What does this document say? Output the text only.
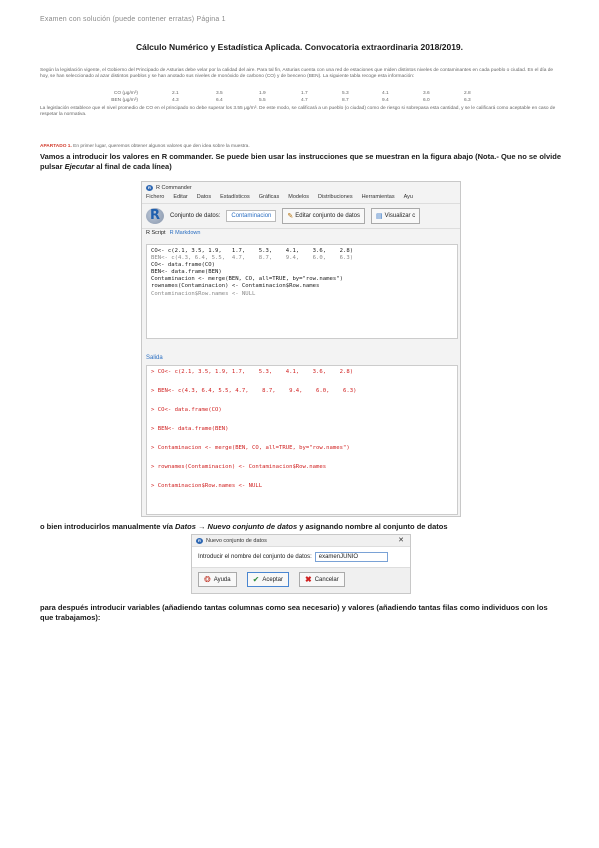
Examen con solución (puede contener erratas) Página 1
Cálculo Numérico y Estadística Aplicada. Convocatoria extraordinaria 2018/2019.
Según la legislación vigente, el Gobierno del Principado de Asturias debe velar por la calidad del aire. Para tal fin, Asturias cuenta con una red de estaciones que miden distintos niveles de contaminantes en cada pueblo o ciudad. En el día de hoy, se han seleccionado al azar distintos pueblos y se han anotado sus niveles de monóxido de carbono (CO) y de benceno (BEN). La siguiente tabla recoge esta información:
CO (μg/m³)	2.1	3.5	1.9	1.7	5.3	4.1	3.6	2.8
BEN (μg/m³)	4.3	6.4	5.5	4.7	8.7	9.4	6.0	6.3
La legislación establece que el nivel promedio de CO en el principado no debe superar los 3.55 μg/m³. De este modo, se calificará a un pueblo (o ciudad) como de riesgo si sobrepasa esta cantidad, y se le calificará como aceptable en caso de respetar la normativa.
APARTADO 1. En primer lugar, queremos obtener algunos valores que den idea sobre la muestra.
Vamos a introducir los valores en R commander. Se puede bien usar las instrucciones que se muestran en la figura abajo (Nota.- Que no se olvide pulsar Ejecutar al final de cada línea)
R R Commander
Fichero Editar Datos Estadísticos Gráficas Modelos Distribuciones Herramientas Ayu
R	Conjunto de datos:	Contaminacion	✎ Editar conjunto de datos ▤ Visualizar c
R Script R Markdown
CO<- c(2.1, 3.5, 1.9,   1.7,    5.3,    4.1,    3.6,    2.8)
BEN<- c(4.3, 6.4, 5.5,  4.7,    8.7,    9.4,    6.0,    6.3)
CO<- data.frame(CO)
BEN<- data.frame(BEN)
Contaminacion <- merge(BEN, CO, all=TRUE, by="row.names")
rownames(Contaminacion) <- Contaminacion$Row.names
Contaminacion$Row.names <- NULL
Salida
> CO<- c(2.1, 3.5, 1.9, 1.7,    5.3,    4.1,    3.6,    2.8)
> BEN<- c(4.3, 6.4, 5.5, 4.7,    8.7,    9.4,    6.0,    6.3)
> CO<- data.frame(CO)
> BEN<- data.frame(BEN)
> Contaminacion <- merge(BEN, CO, all=TRUE, by="row.names")
> rownames(Contaminacion) <- Contaminacion$Row.names
> Contaminacion$Row.names <- NULL
o bien introducirlos manualmente vía Datos → Nuevo conjunto de datos y asignando nombre al conjunto de datos
R Nuevo conjunto de datos	✕
Introducir el nombre del conjunto de datos:	examenJUNIO
❂ Ayuda	✔ Aceptar	✖ Cancelar
para después introducir variables (añadiendo tantas columnas como sea necesario) y valores (añadiendo tantas filas como individuos con los que trabajamos):
